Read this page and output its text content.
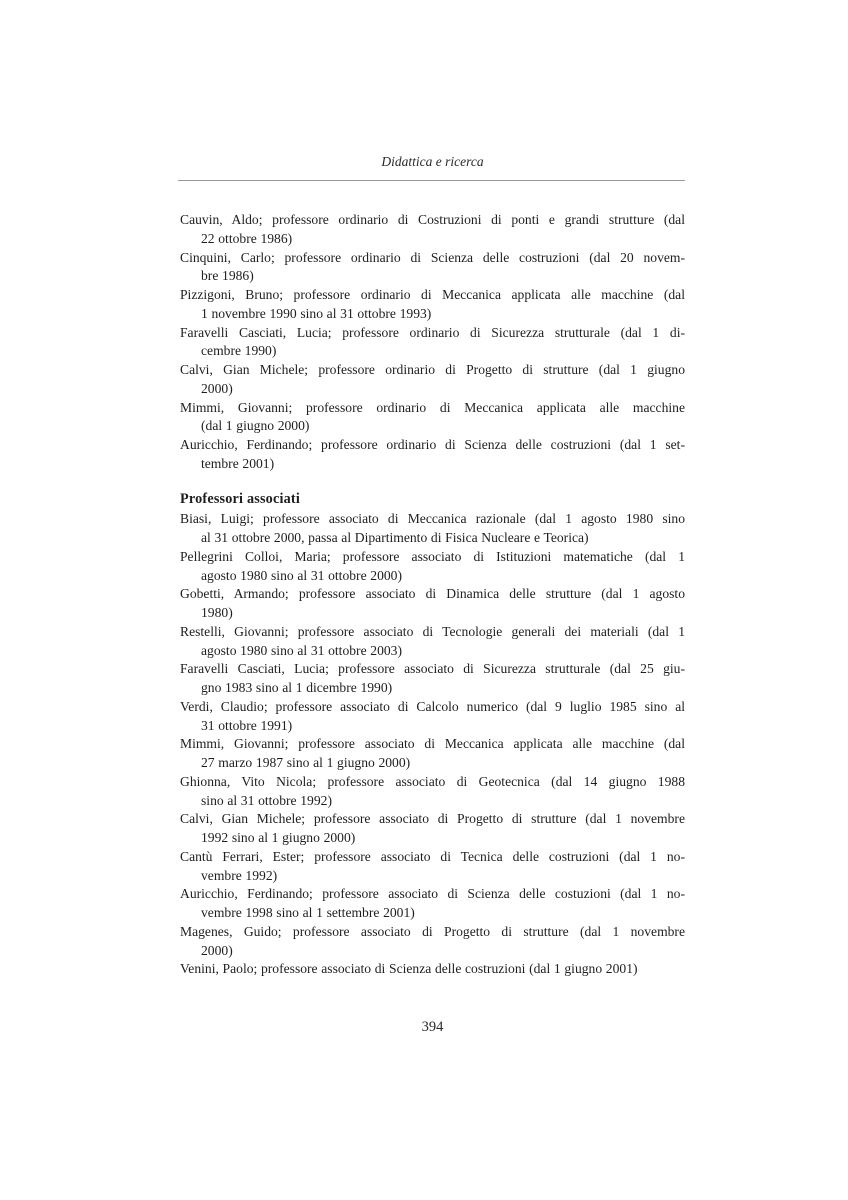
Didattica e ricerca
Cauvin, Aldo; professore ordinario di Costruzioni di ponti e grandi strutture (dal
22 ottobre 1986)
Cinquini, Carlo; professore ordinario di Scienza delle costruzioni (dal 20 novem-
bre 1986)
Pizzigoni, Bruno; professore ordinario di Meccanica applicata alle macchine (dal
1 novembre 1990 sino al 31 ottobre 1993)
Faravelli Casciati, Lucia; professore ordinario di Sicurezza strutturale (dal 1 di-
cembre 1990)
Calvi, Gian Michele; professore ordinario di Progetto di strutture (dal 1 giugno
2000)
Mimmi, Giovanni; professore ordinario di Meccanica applicata alle macchine
(dal 1 giugno 2000)
Auricchio, Ferdinando; professore ordinario di Scienza delle costruzioni (dal 1 set-
tembre 2001)
Professori associati
Biasi, Luigi; professore associato di Meccanica razionale (dal 1 agosto 1980 sino
al 31 ottobre 2000, passa al Dipartimento di Fisica Nucleare e Teorica)
Pellegrini Colloi, Maria; professore associato di Istituzioni matematiche (dal 1
agosto 1980 sino al 31 ottobre 2000)
Gobetti, Armando; professore associato di Dinamica delle strutture (dal 1 agosto
1980)
Restelli, Giovanni; professore associato di Tecnologie generali dei materiali (dal 1
agosto 1980 sino al 31 ottobre 2003)
Faravelli Casciati, Lucia; professore associato di Sicurezza strutturale (dal 25 giu-
gno 1983 sino al 1 dicembre 1990)
Verdi, Claudio; professore associato di Calcolo numerico (dal 9 luglio 1985 sino al
31 ottobre 1991)
Mimmi, Giovanni; professore associato di Meccanica applicata alle macchine (dal
27 marzo 1987 sino al 1 giugno 2000)
Ghionna, Vito Nicola; professore associato di Geotecnica (dal 14 giugno 1988
sino al 31 ottobre 1992)
Calvi, Gian Michele; professore associato di Progetto di strutture (dal 1 novembre
1992 sino al 1 giugno 2000)
Cantù Ferrari, Ester; professore associato di Tecnica delle costruzioni (dal 1 no-
vembre 1992)
Auricchio, Ferdinando; professore associato di Scienza delle costuzioni (dal 1 no-
vembre 1998 sino al 1 settembre 2001)
Magenes, Guido; professore associato di Progetto di strutture (dal 1 novembre
2000)
Venini, Paolo; professore associato di Scienza delle costruzioni (dal 1 giugno 2001)
394
